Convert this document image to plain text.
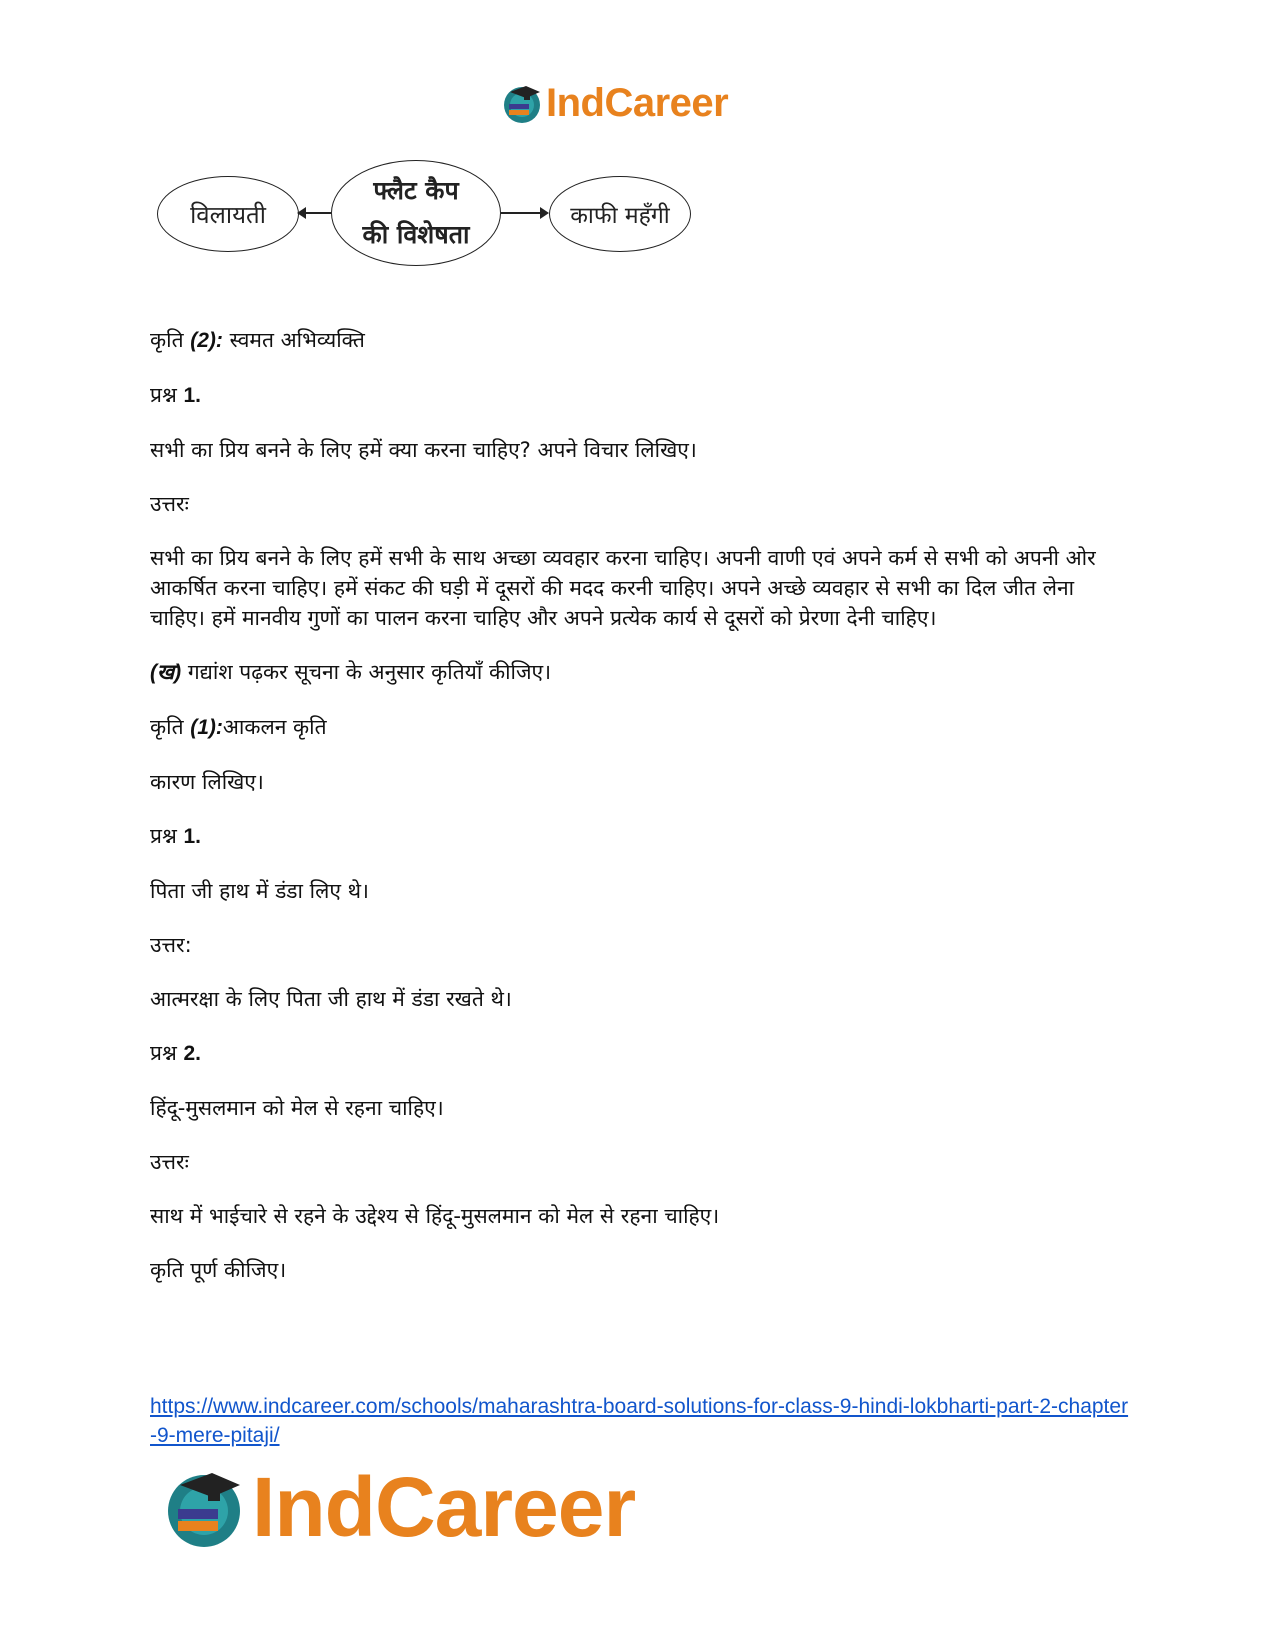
IndCareer
विलायती
फ्लैट कैप
की विशेषता
काफी महँगी

कृति (2): स्वमत अभिव्यक्ति

प्रश्न 1.

सभी का प्रिय बनने के लिए हमें क्या करना चाहिए? अपने विचार लिखिए।

उत्तरः

सभी का प्रिय बनने के लिए हमें सभी के साथ अच्छा व्यवहार करना चाहिए। अपनी वाणी एवं अपने कर्म से सभी को अपनी ओर आकर्षित करना चाहिए। हमें संकट की घड़ी में दूसरों की मदद करनी चाहिए। अपने अच्छे व्यवहार से सभी का दिल जीत लेना चाहिए। हमें मानवीय गुणों का पालन करना चाहिए और अपने प्रत्येक कार्य से दूसरों को प्रेरणा देनी चाहिए।

(ख) गद्यांश पढ़कर सूचना के अनुसार कृतियाँ कीजिए।

कृति (1):आकलन कृति

कारण लिखिए।

प्रश्न 1.

पिता जी हाथ में डंडा लिए थे।

उत्तर:

आत्मरक्षा के लिए पिता जी हाथ में डंडा रखते थे।

प्रश्न 2.

हिंदू-मुसलमान को मेल से रहना चाहिए।

उत्तरः

साथ में भाईचारे से रहने के उद्देश्य से हिंदू-मुसलमान को मेल से रहना चाहिए।

कृति पूर्ण कीजिए।

https://www.indcareer.com/schools/maharashtra-board-solutions-for-class-9-hindi-lokbharti-part-2-chapter-9-mere-pitaji/
IndCareer
